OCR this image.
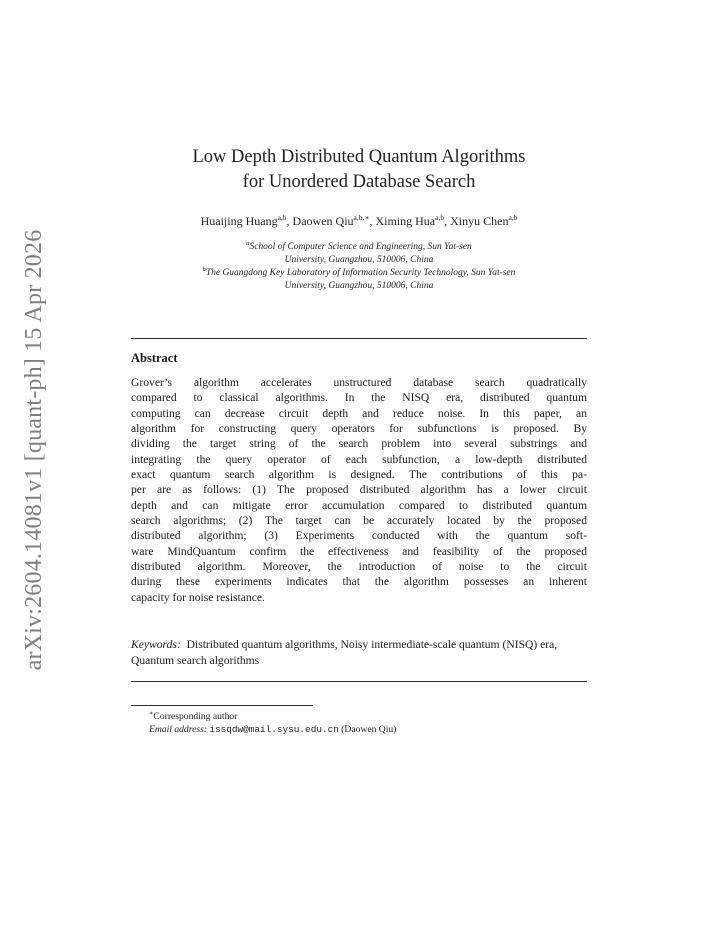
arXiv:2604.14081v1 [quant-ph] 15 Apr 2026
Low Depth Distributed Quantum Algorithms
for Unordered Database Search
Huaijing Huang$^{a,b}$, Daowen Qiu$^{a,b,∗}$, Ximing Hua$^{a,b}$, Xinyu Chen$^{a,b}$
$^a$School of Computer Science and Engineering, Sun Yat-sen
University, Guangzhou, 510006, China
$^b$The Guangdong Key Laboratory of Information Security Technology, Sun Yat-sen
University, Guangzhou, 510006, China
Abstract
Grover’s algorithm accelerates unstructured database search quadratically
compared to classical algorithms. In the NISQ era, distributed quantum
computing can decrease circuit depth and reduce noise. In this paper, an
algorithm for constructing query operators for subfunctions is proposed. By
dividing the target string of the search problem into several substrings and
integrating the query operator of each subfunction, a low-depth distributed
exact quantum search algorithm is designed. The contributions of this pa-
per are as follows: (1) The proposed distributed algorithm has a lower circuit
depth and can mitigate error accumulation compared to distributed quantum
search algorithms; (2) The target can be accurately located by the proposed
distributed algorithm; (3) Experiments conducted with the quantum soft-
ware MindQuantum confirm the effectiveness and feasibility of the proposed
distributed algorithm. Moreover, the introduction of noise to the circuit
during these experiments indicates that the algorithm possesses an inherent
capacity for noise resistance.
Keywords: Distributed quantum algorithms, Noisy intermediate-scale quantum (NISQ) era, Quantum search algorithms
∗Corresponding author
Email address: issqdw@mail.sysu.edu.cn (Daowen Qiu)
